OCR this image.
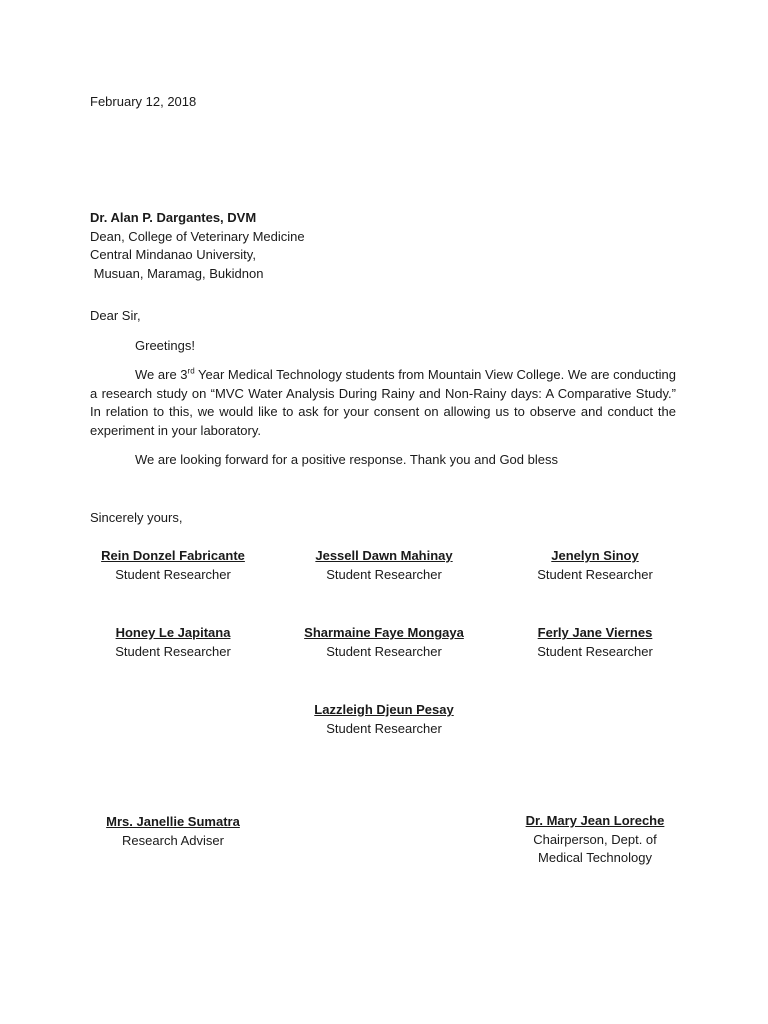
February 12, 2018
Dr. Alan P. Dargantes, DVM
Dean, College of Veterinary Medicine
Central Mindanao University,
Musuan, Maramag, Bukidnon
Dear Sir,
Greetings!
We are 3rd Year Medical Technology students from Mountain View College. We are conducting a research study on “MVC Water Analysis During Rainy and Non-Rainy days: A Comparative Study.” In relation to this, we would like to ask for your consent on allowing us to observe and conduct the experiment in your laboratory.
We are looking forward for a positive response. Thank you and God bless
Sincerely yours,
Rein Donzel Fabricante
Student Researcher
Jessell Dawn Mahinay
Student Researcher
Jenelyn Sinoy
Student Researcher
Honey Le Japitana
Student Researcher
Sharmaine Faye Mongaya
Student Researcher
Ferly Jane Viernes
Student Researcher
Lazzleigh Djeun Pesay
Student Researcher
Mrs. Janellie Sumatra
Research Adviser
Dr. Mary Jean Loreche
Chairperson, Dept. of
Medical Technology
